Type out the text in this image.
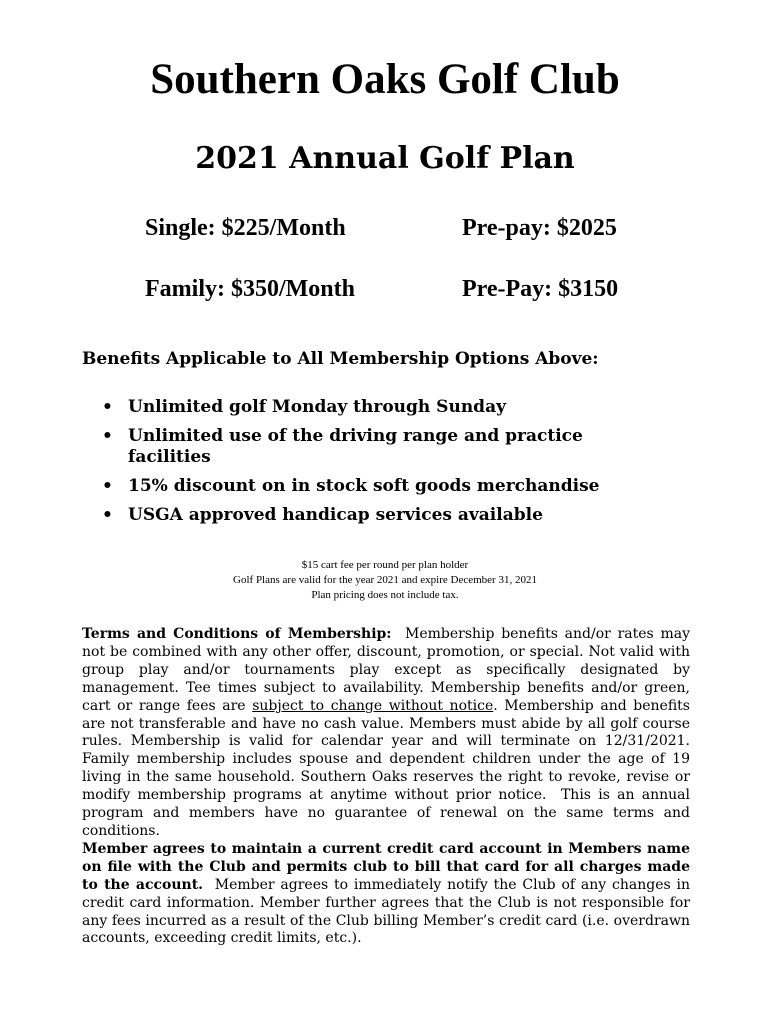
Southern Oaks Golf Club
2021 Annual Golf Plan
Single: $225/Month	Pre-pay: $2025
Family: $350/Month	Pre-Pay: $3150
Benefits Applicable to All Membership Options Above:
• Unlimited golf Monday through Sunday
• Unlimited use of the driving range and practice facilities
• 15% discount on in stock soft goods merchandise
• USGA approved handicap services available
$15 cart fee per round per plan holder
Golf Plans are valid for the year 2021 and expire December 31, 2021
Plan pricing does not include tax.

Terms and Conditions of Membership:  Membership benefits and/or rates may not be combined with any other offer, discount, promotion, or special. Not valid with group play and/or tournaments play except as specifically designated by management. Tee times subject to availability. Membership benefits and/or green, cart or range fees are subject to change without notice. Membership and benefits are not transferable and have no cash value. Members must abide by all golf course rules. Membership is valid for calendar year and will terminate on 12/31/2021. Family membership includes spouse and dependent children under the age of 19 living in the same household. Southern Oaks reserves the right to revoke, revise or modify membership programs at anytime without prior notice.  This is an annual program and members have no guarantee of renewal on the same terms and conditions.

Member agrees to maintain a current credit card account in Members name on file with the Club and permits club to bill that card for all charges made to the account.  Member agrees to immediately notify the Club of any changes in credit card information. Member further agrees that the Club is not responsible for any fees incurred as a result of the Club billing Member’s credit card (i.e. overdrawn accounts, exceeding credit limits, etc.).
